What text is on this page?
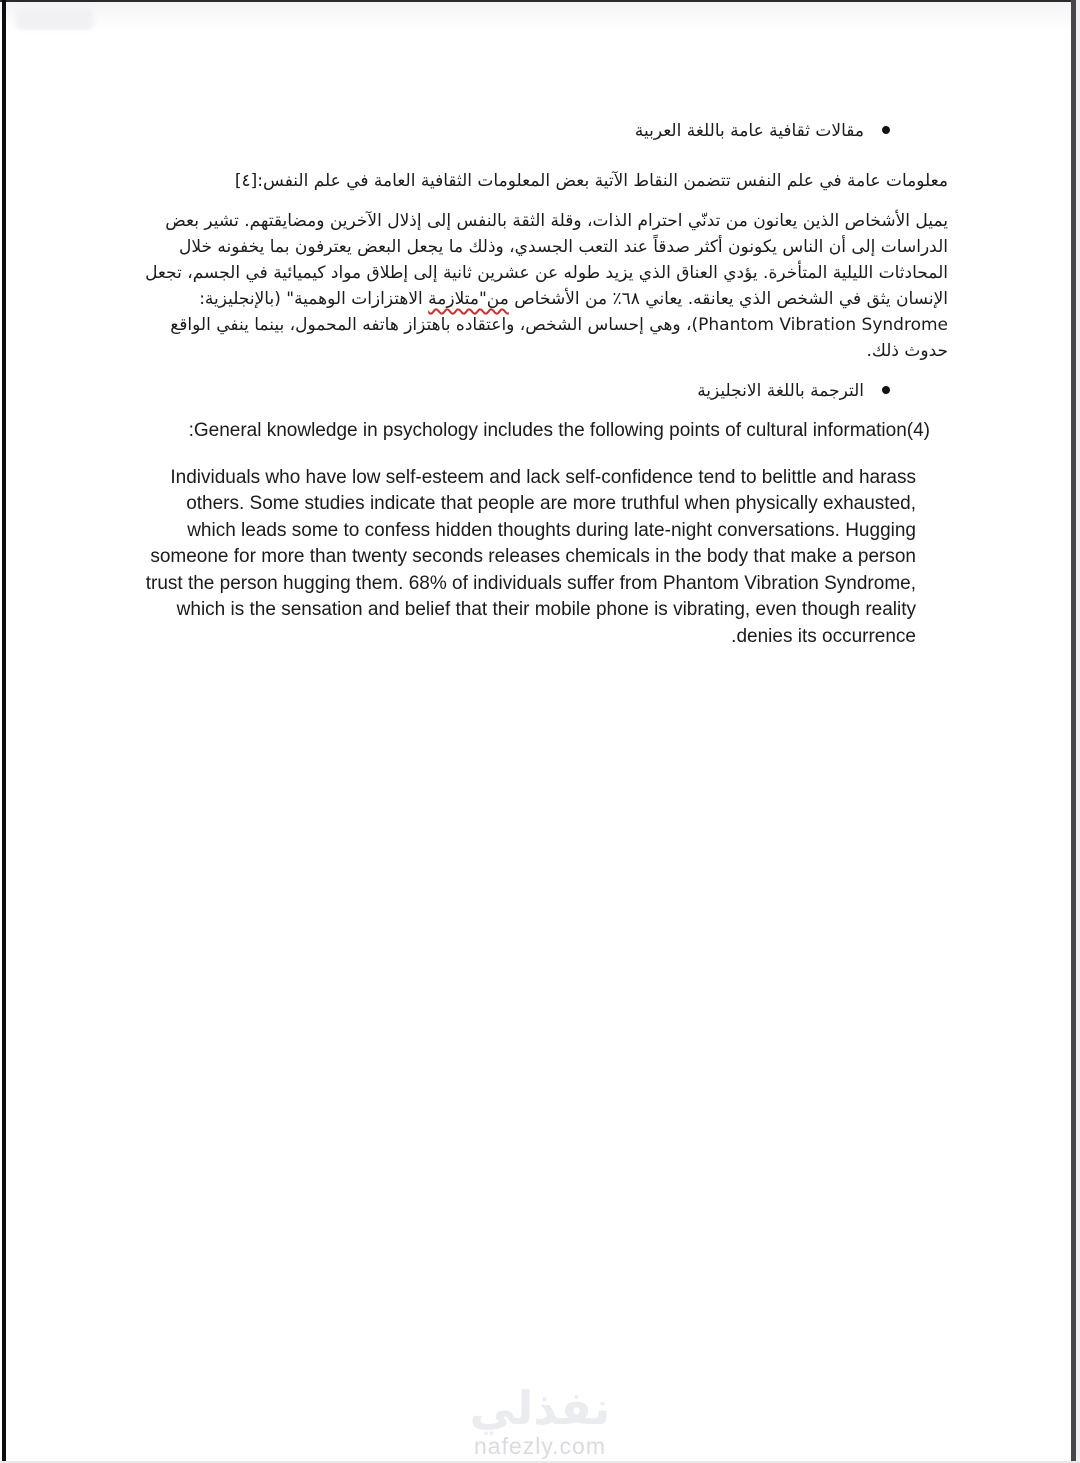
مقالات ثقافية عامة باللغة العربية

معلومات عامة في علم النفس تتضمن النقاط الآتية بعض المعلومات الثقافية العامة في علم النفس:[٤]

يميل الأشخاص الذين يعانون من تدنّي احترام الذات، وقلة الثقة بالنفس إلى إذلال الآخرين ومضايقتهم. تشير بعض الدراسات إلى أن الناس يكونون أكثر صدقاً عند التعب الجسدي، وذلك ما يجعل البعض يعترفون بما يخفونه خلال المحادثات الليلية المتأخرة. يؤدي العناق الذي يزيد طوله عن عشرين ثانية إلى إطلاق مواد كيميائية في الجسم، تجعل الإنسان يثق في الشخص الذي يعانقه. يعاني ٦٨٪ من الأشخاص من"متلازمة الاهتزازات الوهمية" (بالإنجليزية: Phantom Vibration Syndrome)، وهي إحساس الشخص، واعتقاده باهتزاز هاتفه المحمول، بينما ينفي الواقع حدوث ذلك.

الترجمة باللغة الانجليزية

General knowledge in psychology includes the following points of cultural information(4):

Individuals who have low self-esteem and lack self-confidence tend to belittle and harass others. Some studies indicate that people are more truthful when physically exhausted, which leads some to confess hidden thoughts during late-night conversations. Hugging someone for more than twenty seconds releases chemicals in the body that make a person trust the person hugging them. 68% of individuals suffer from Phantom Vibration Syndrome, which is the sensation and belief that their mobile phone is vibrating, even though reality denies its occurrence.

نفذلي
nafezly.com
